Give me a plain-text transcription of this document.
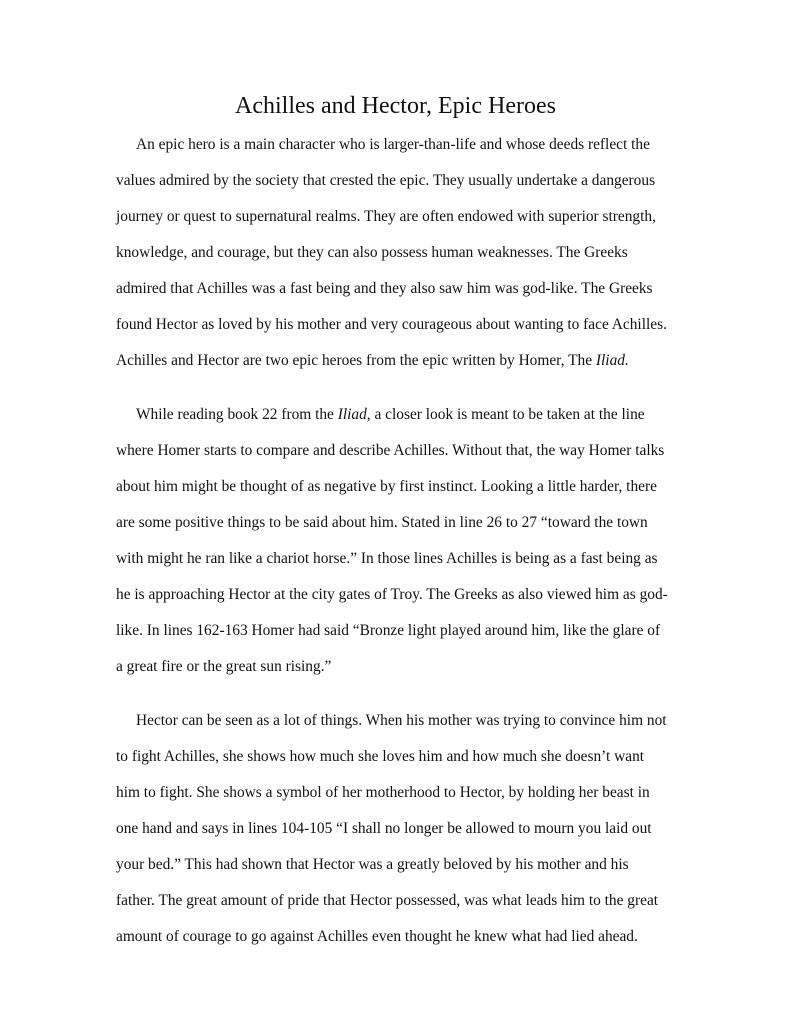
Achilles and Hector, Epic Heroes
An epic hero is a main character who is larger-than-life and whose deeds reflect the
values admired by the society that crested the epic. They usually undertake a dangerous
journey or quest to supernatural realms. They are often endowed with superior strength,
knowledge, and courage, but they can also possess human weaknesses. The Greeks
admired that Achilles was a fast being and they also saw him was god-like. The Greeks
found Hector as loved by his mother and very courageous about wanting to face Achilles.
Achilles and Hector are two epic heroes from the epic written by Homer, The Iliad.
While reading book 22 from the Iliad, a closer look is meant to be taken at the line
where Homer starts to compare and describe Achilles. Without that, the way Homer talks
about him might be thought of as negative by first instinct. Looking a little harder, there
are some positive things to be said about him. Stated in line 26 to 27 “toward the town
with might he ran like a chariot horse.” In those lines Achilles is being as a fast being as
he is approaching Hector at the city gates of Troy. The Greeks as also viewed him as god-
like. In lines 162-163 Homer had said “Bronze light played around him, like the glare of
a great fire or the great sun rising.”
Hector can be seen as a lot of things. When his mother was trying to convince him not
to fight Achilles, she shows how much she loves him and how much she doesn’t want
him to fight. She shows a symbol of her motherhood to Hector, by holding her beast in
one hand and says in lines 104-105 “I shall no longer be allowed to mourn you laid out
your bed.” This had shown that Hector was a greatly beloved by his mother and his
father. The great amount of pride that Hector possessed, was what leads him to the great
amount of courage to go against Achilles even thought he knew what had lied ahead.
